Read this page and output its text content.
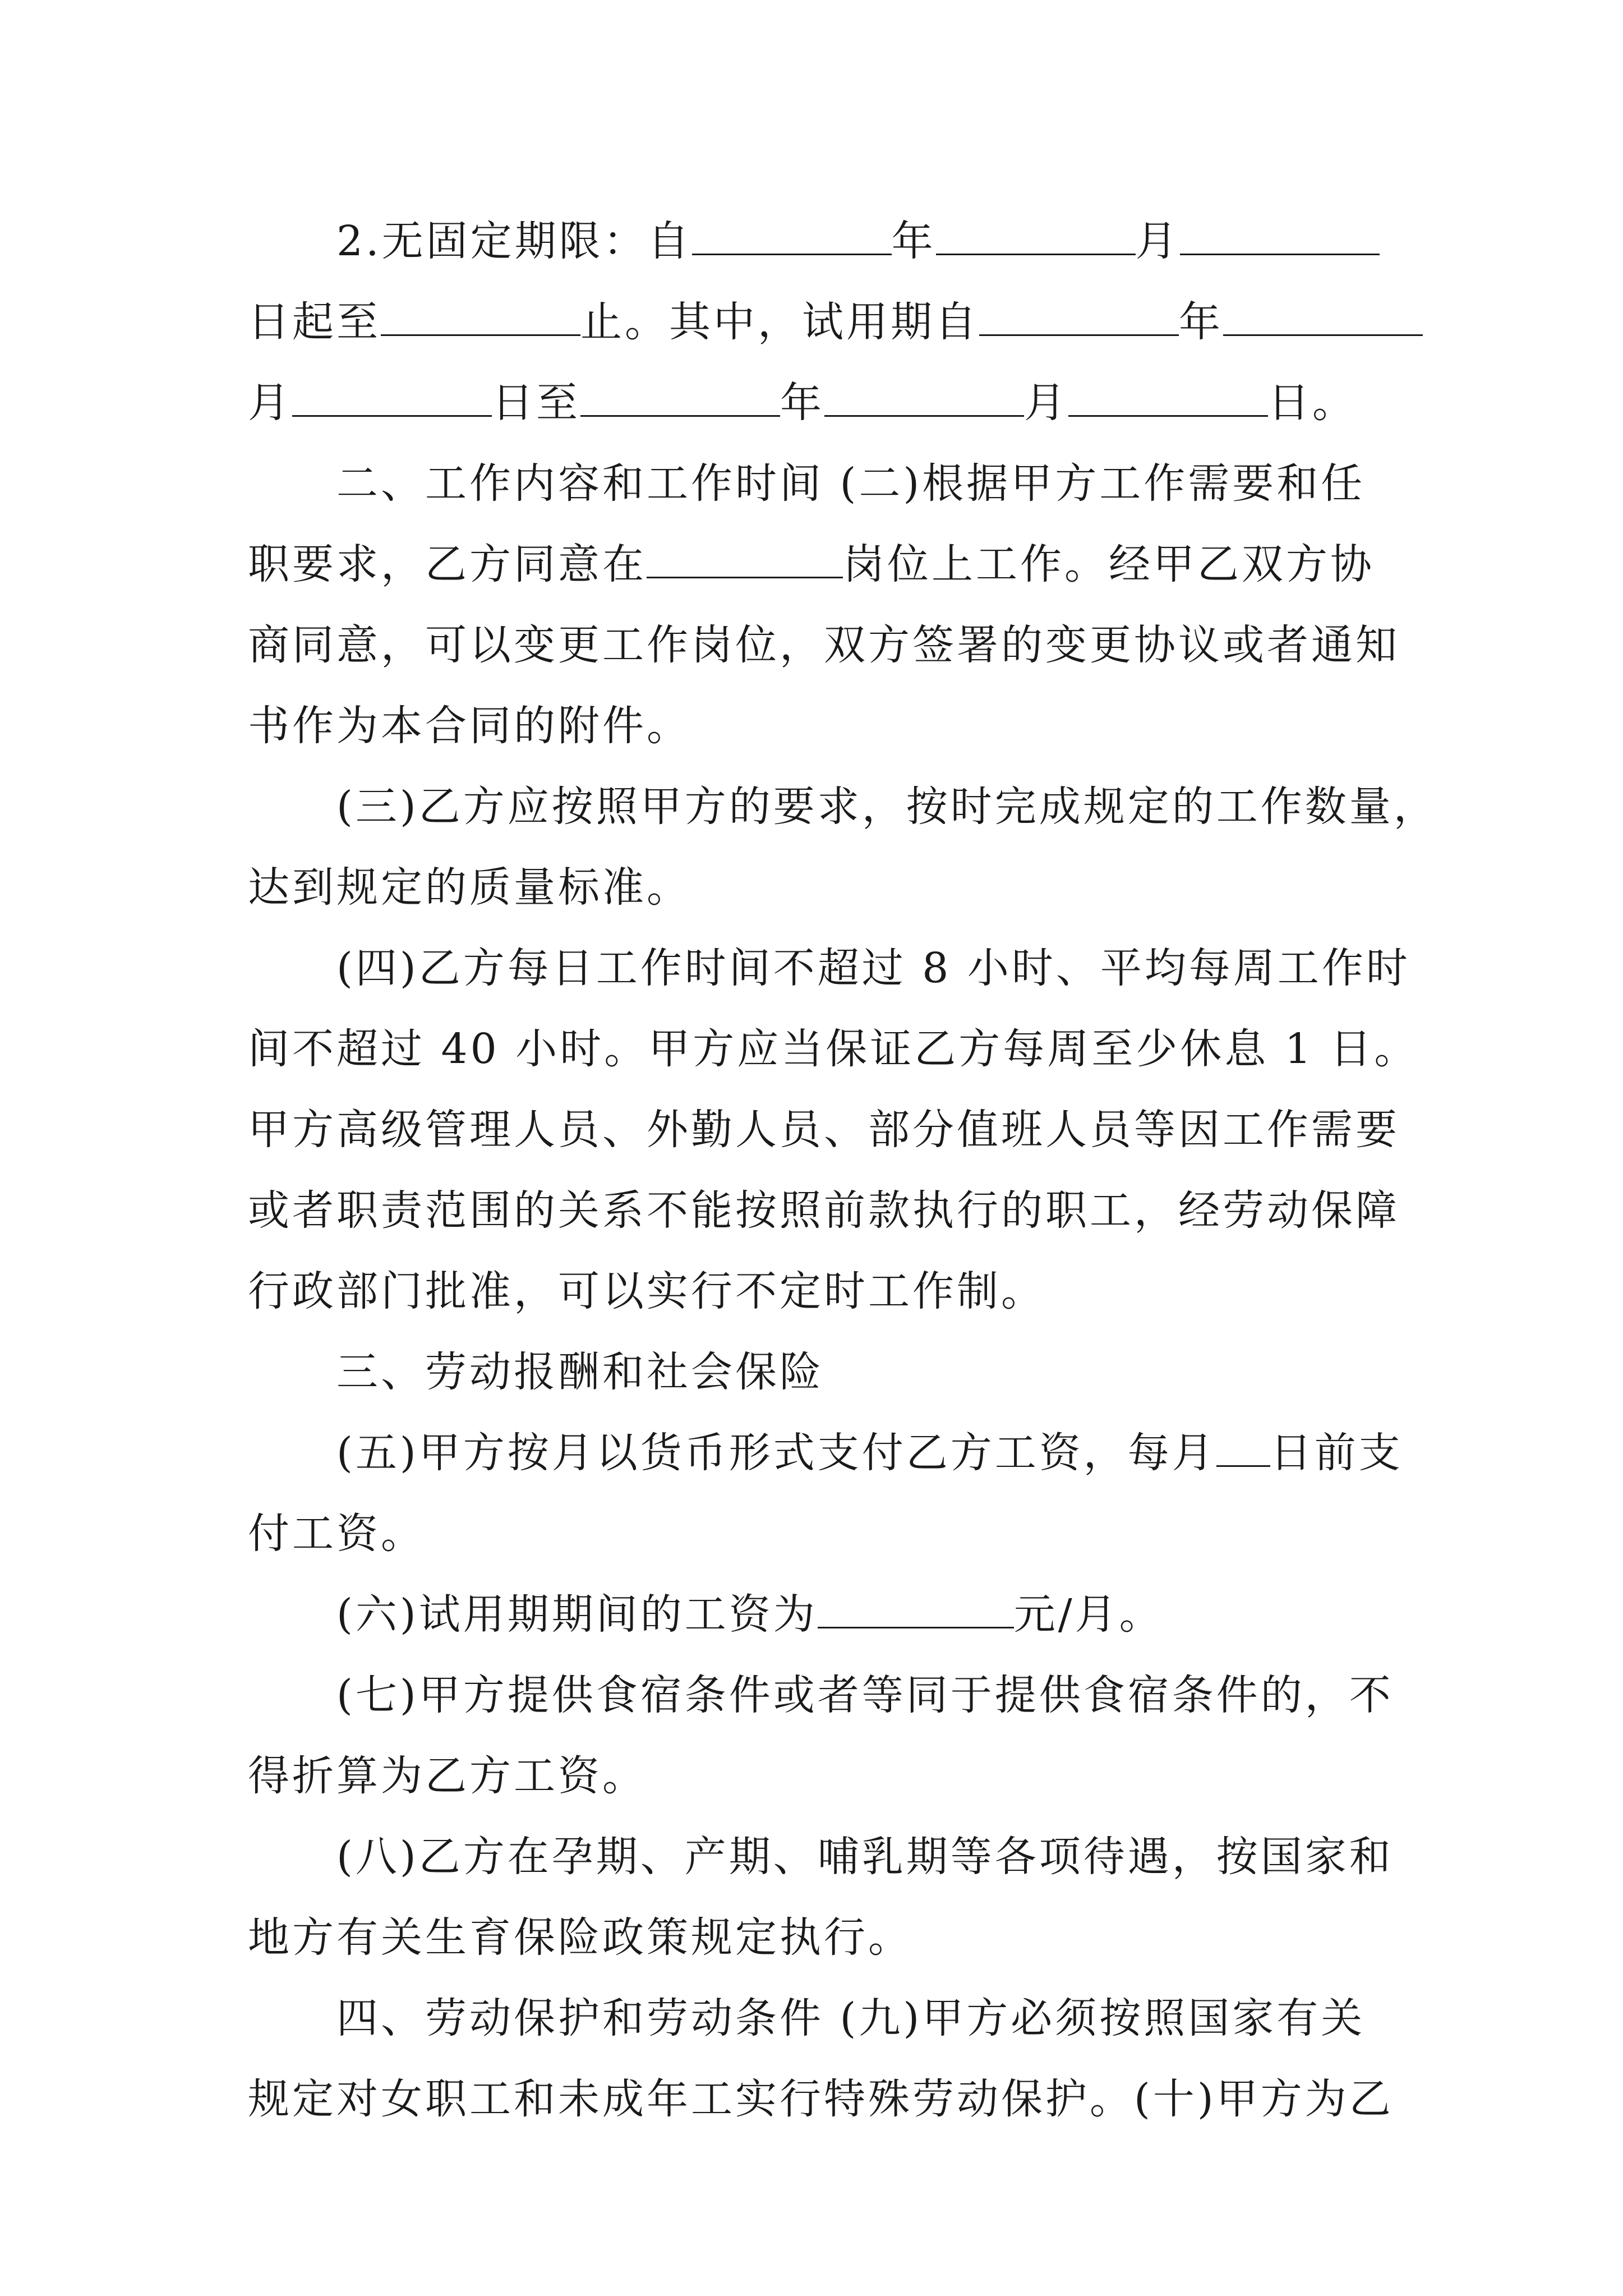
2.无固定期限：自	年	月
日起至	止。其中，试用期自	年
月	日至	年	月	日。
二、工作内容和工作时间 (二)根据甲方工作需要和任
职要求，乙方同意在	岗位上工作。经甲乙双方协
商同意，可以变更工作岗位，双方签署的变更协议或者通知
书作为本合同的附件。
(三)乙方应按照甲方的要求，按时完成规定的工作数量，
达到规定的质量标准。
(四)乙方每日工作时间不超过 8 小时、平均每周工作时
间不超过 40 小时。甲方应当保证乙方每周至少休息 1 日。
甲方高级管理人员、外勤人员、部分值班人员等因工作需要
或者职责范围的关系不能按照前款执行的职工，经劳动保障
行政部门批准，可以实行不定时工作制。
三、劳动报酬和社会保险
(五)甲方按月以货币形式支付乙方工资，每月 日前支
付工资。
(六)试用期期间的工资为	元/月。
(七)甲方提供食宿条件或者等同于提供食宿条件的，不
得折算为乙方工资。
(八)乙方在孕期、产期、哺乳期等各项待遇，按国家和
地方有关生育保险政策规定执行。
四、劳动保护和劳动条件 (九)甲方必须按照国家有关
规定对女职工和未成年工实行特殊劳动保护。(十)甲方为乙
